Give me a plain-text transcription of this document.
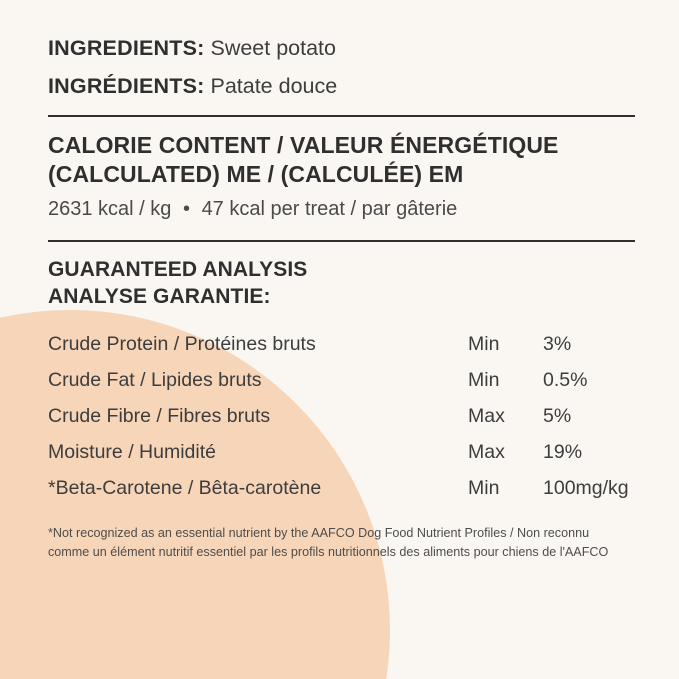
INGREDIENTS: Sweet potato
INGRÉDIENTS: Patate douce
CALORIE CONTENT / VALEUR ÉNERGÉTIQUE
(CALCULATED) ME / (CALCULÉE) EM
2631 kcal / kg • 47 kcal per treat / par gâterie
GUARANTEED ANALYSIS
ANALYSE GARANTIE:
Crude Protein / Protéines bruts	Min	3%
Crude Fat / Lipides bruts	Min	0.5%
Crude Fibre / Fibres bruts	Max	5%
Moisture / Humidité	Max	19%
*Beta-Carotene / Bêta-carotène	Min	100mg/kg
*Not recognized as an essential nutrient by the AAFCO Dog Food Nutrient Profiles / Non reconnu
comme un élément nutritif essentiel par les profils nutritionnels des aliments pour chiens de l'AAFCO
